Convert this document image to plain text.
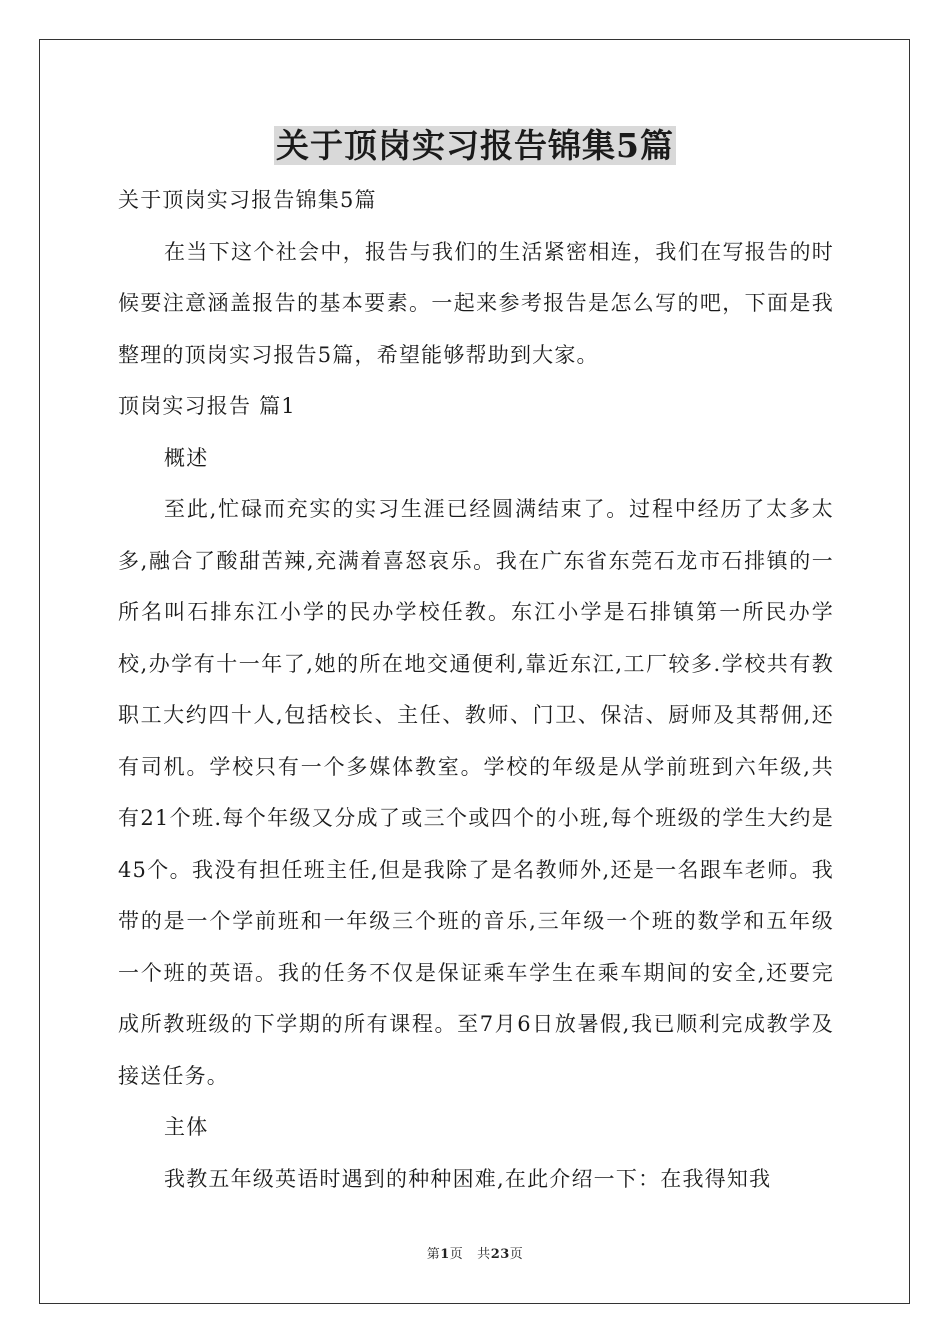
关于顶岗实习报告锦集5篇

关于顶岗实习报告锦集5篇

在当下这个社会中，报告与我们的生活紧密相连，我们在写报告的时候要注意涵盖报告的基本要素。一起来参考报告是怎么写的吧，下面是我整理的顶岗实习报告5篇，希望能够帮助到大家。

顶岗实习报告 篇1

概述

至此,忙碌而充实的实习生涯已经圆满结束了。过程中经历了太多太多,融合了酸甜苦辣,充满着喜怒哀乐。我在广东省东莞石龙市石排镇的一所名叫石排东江小学的民办学校任教。东江小学是石排镇第一所民办学校,办学有十一年了,她的所在地交通便利,靠近东江,工厂较多.学校共有教职工大约四十人,包括校长、主任、教师、门卫、保洁、厨师及其帮佣,还有司机。学校只有一个多媒体教室。学校的年级是从学前班到六年级,共有21个班.每个年级又分成了或三个或四个的小班,每个班级的学生大约是45个。我没有担任班主任,但是我除了是名教师外,还是一名跟车老师。我带的是一个学前班和一年级三个班的音乐,三年级一个班的数学和五年级一个班的英语。我的任务不仅是保证乘车学生在乘车期间的安全,还要完成所教班级的下学期的所有课程。至7月6日放暑假,我已顺利完成教学及接送任务。

主体

我教五年级英语时遇到的种种困难,在此介绍一下：在我得知我

第1页 共23页
